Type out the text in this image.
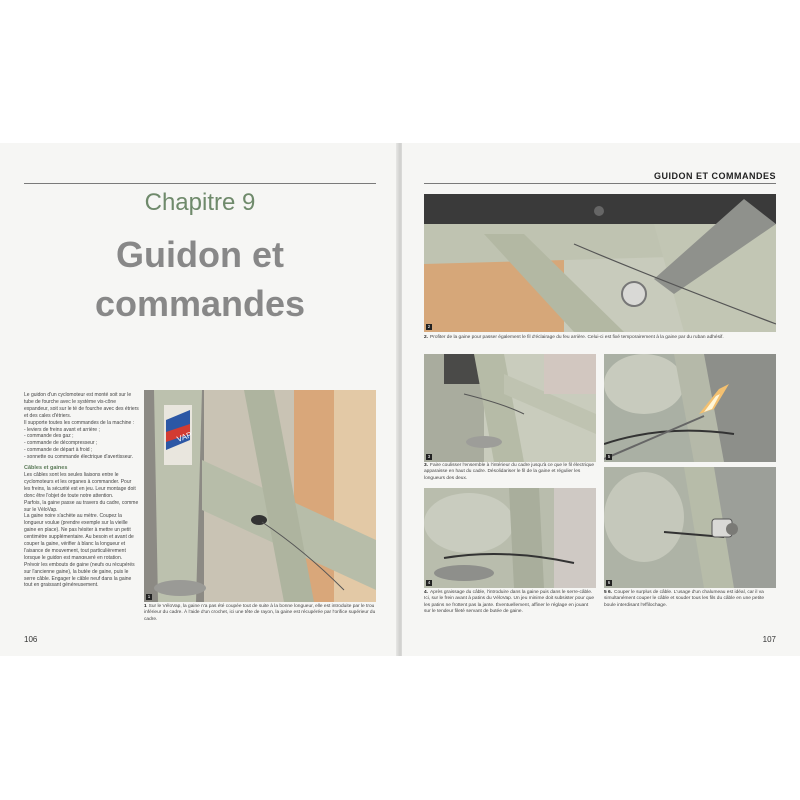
Chapitre 9
Guidon et
commandes

Le guidon d'un cyclomoteur est monté soit sur le tube de fourche avec le système vis-cône expandeur, soit sur le té de fourche avec des étriers et des cales d'étriers.

Il supporte toutes les commandes de la machine :

- leviers de freins avant et arrière ;

- commande des gaz ;

- commande de décompresseur ;

- commande de départ à froid ;

- sonnette ou commande électrique d'avertisseur.

Câbles et gaines

Les câbles sont les seules liaisons entre le cyclomoteurs et les organes à commander. Pour les freins, la sécurité est en jeu. Leur montage doit donc être l'objet de toute notre attention.

Parfois, la gaine passe au travers du cadre, comme sur le VéloVap.

La gaine noire s'achète au mètre. Coupez la longueur voulue (prendre exemple sur la vieille gaine en place). Ne pas hésiter à mettre un petit centimètre supplémentaire. Au besoin et avant de couper la gaine, vérifier à blanc la longueur et l'aisance de mouvement, tout particulièrement lorsque le guidon est manœuvré en rotation. Prévoir les embouts de gaine (neufs ou récupérés sur l'ancienne gaine), la butée de gaine, puis le serre câble. Engager le câble neuf dans la gaine tout en graissant généreusement.

VAP
1
1 Sur le VéloVap, la gaine n'a pas été coupée tout de suite à la bonne longueur, elle est introduite par le trou inférieur du cadre. À l'aide d'un crochet, ici une tête de rayon, la gaine est récupérée par l'orifice supérieur du cadre.
106
GUIDON ET COMMANDES
2
2. Profiter de la gaine pour passer également le fil d'éclairage du feu arrière. Celui-ci est fixé temporairement à la gaine par du ruban adhésif.
3
3. Faire coulisser l'ensemble à l'intérieur du cadre jusqu'à ce que le fil électrique apparaisse en haut du cadre. Désolidariser le fil de la gaine et régulier les longueurs des deux.
5
4
4. Après graissage du câble, l'introduire dans la gaine puis dans le serre-câble. Ici, sur le frein avant à patins du VéloVap. Un jeu minime doit subsister pour que les patins ne frottent pas la jante. Éventuellement, affiner le réglage en jouant sur le tendeur fileté servant de butée de gaine.
6
5 6. Couper le surplus de câble. L'usage d'un chalumeau est idéal, car il va simultanément couper le câble et souder tous les fils du câble en une petite boule interdisant l'effilochage.
107
